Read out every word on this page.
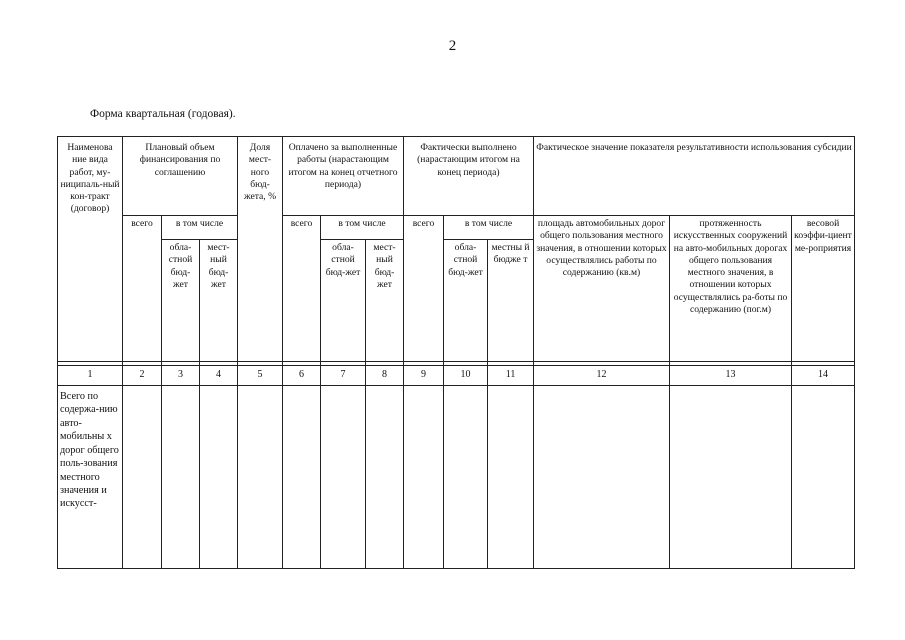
2
Форма квартальная (годовая).
Наименова ние вида работ, му-ниципаль-ный кон-тракт (договор)	Плановый объем финансирования по соглашению			Доля мест-ного бюд-жета, %	Оплачено за выполненные работы (нарастающим итогом на конец отчетного периода)			Фактически выполнено (нарастающим итогом на конец периода)			Фактическое значение показателя результативности использования субсидии		
	всего	в том числе			всего	в том числе		всего	в том числе		площадь автомобильных дорог общего пользования местного значения, в отношении которых осуществлялись работы по содержанию (кв.м)	протяженность искусственных сооружений на авто-мобильных дорогах общего пользования местного значения, в отношении которых осуществлялись ра-боты по содержанию (пог.м)	весовой коэффи-циент ме-роприятия
		обла-стной бюд-жет	мест-ный бюд-жет			обла-стной бюд-жет	мест-ный бюд-жет		обла-стной бюд-жет	местны й бюдже т			

1	2	3	4	5	6	7	8	9	10	11	12	13	14
Всего по содержа-нию авто-мобильны х дорог общего поль-зования местного значения и искусст-													
